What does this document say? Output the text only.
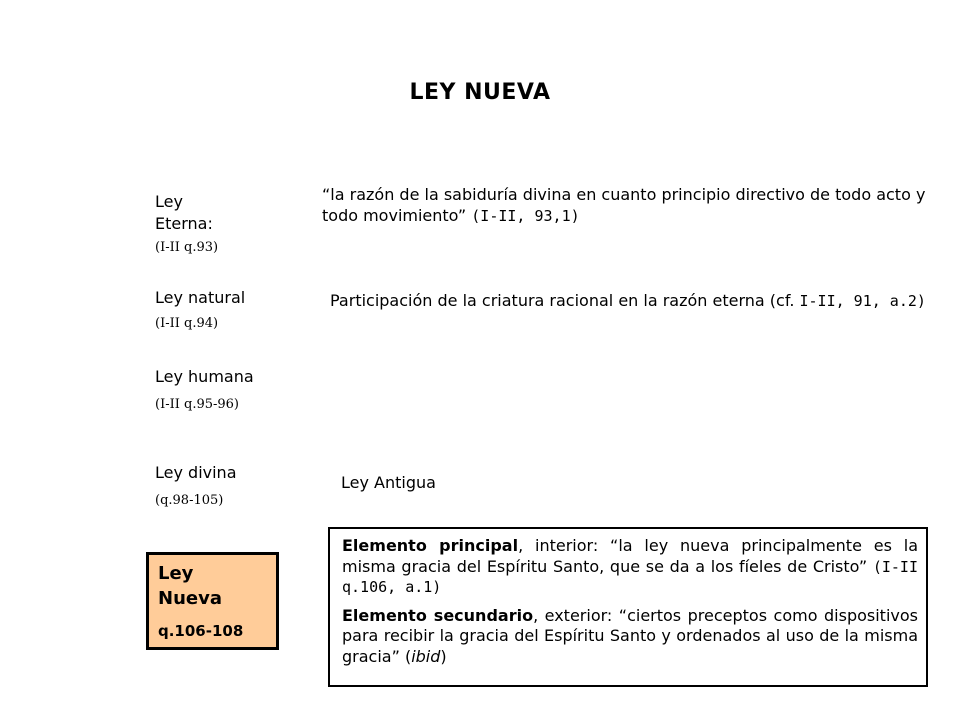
LEY NUEVA
Ley Eterna:
(I-II q.93)
Ley natural
(I-II q.94)
Ley humana
(I-II q.95-96)
Ley divina
(q.98-105)
“la razón de la sabiduría divina en cuanto principio directivo de todo acto y todo movimiento” (I-II, 93,1)
Participación de la criatura racional en la razón eterna (cf. I-II, 91, a.2)
Ley Antigua
Ley
Nueva
q.106-108

Elemento principal, interior: “la ley nueva principalmente es la misma gracia del Espíritu Santo, que se da a los fíeles de Cristo” (I-II q.106, a.1)

Elemento secundario, exterior: “ciertos preceptos como dispositivos para recibir la gracia del Espíritu Santo y ordenados al uso de la misma gracia” (ibid)
